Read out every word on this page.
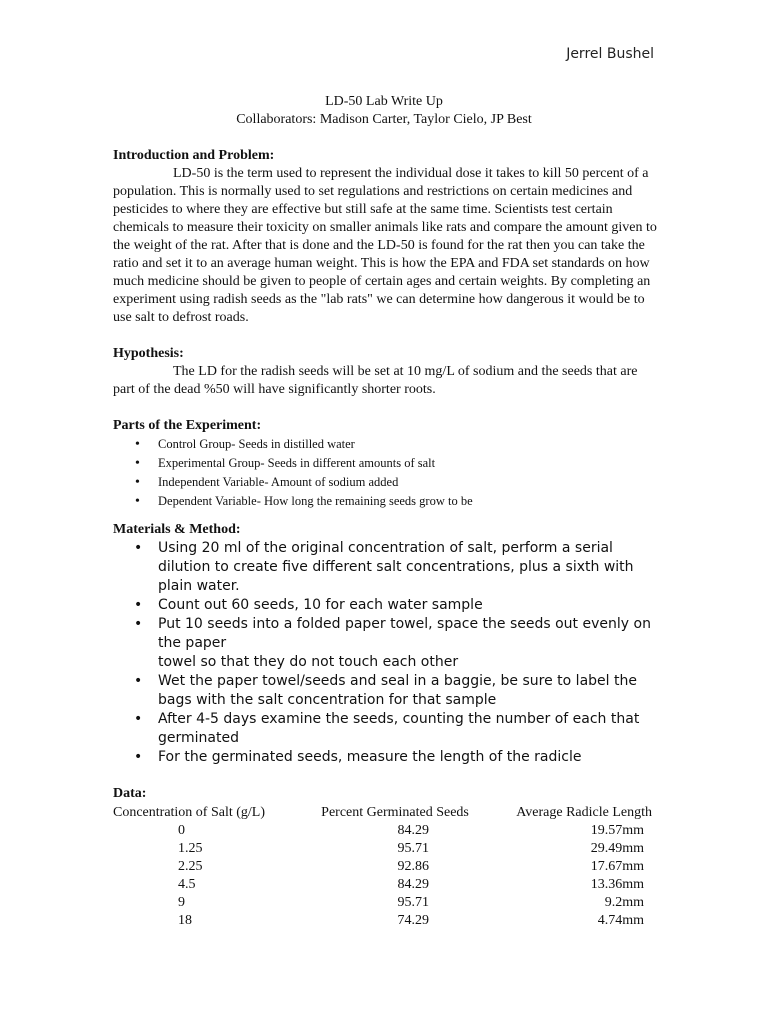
Jerrel Bushel
LD-50 Lab Write Up
Collaborators: Madison Carter, Taylor Cielo, JP Best
Introduction and Problem:

LD-50 is the term used to represent the individual dose it takes to kill 50 percent of a population. This is normally used to set regulations and restrictions on certain medicines and pesticides to where they are effective but still safe at the same time. Scientists test certain chemicals to measure their toxicity on smaller animals like rats and compare the amount given to the weight of the rat. After that is done and the LD-50 is found for the rat then you can take the ratio and set it to an average human weight. This is how the EPA and FDA set standards on how much medicine should be given to people of certain ages and certain weights. By completing an experiment using radish seeds as the "lab rats" we can determine how dangerous it would be to use salt to defrost roads.

Hypothesis:

The LD for the radish seeds will be set at 10 mg/L of sodium and the seeds that are part of the dead %50 will have significantly shorter roots.

Parts of the Experiment:
• Control Group- Seeds in distilled water
• Experimental Group- Seeds in different amounts of salt
• Independent Variable- Amount of sodium added
• Dependent Variable- How long the remaining seeds grow to be
Materials & Method:
• Using 20 ml of the original concentration of salt, perform a serial dilution to create five different salt concentrations, plus a sixth with plain water.
• Count out 60 seeds, 10 for each water sample
• Put 10 seeds into a folded paper towel, space the seeds out evenly on the paper
towel so that they do not touch each other
• Wet the paper towel/seeds and seal in a baggie, be sure to label the bags with the salt concentration for that sample
• After 4-5 days examine the seeds, counting the number of each that germinated
• For the germinated seeds, measure the length of the radicle
Data:
Concentration of Salt (g/L)	Percent Germinated Seeds	Average Radicle Length
0	84.29	19.57mm
1.25	95.71	29.49mm
2.25	92.86	17.67mm
4.5	84.29	13.36mm
9	95.71	9.2mm
18	74.29	4.74mm
